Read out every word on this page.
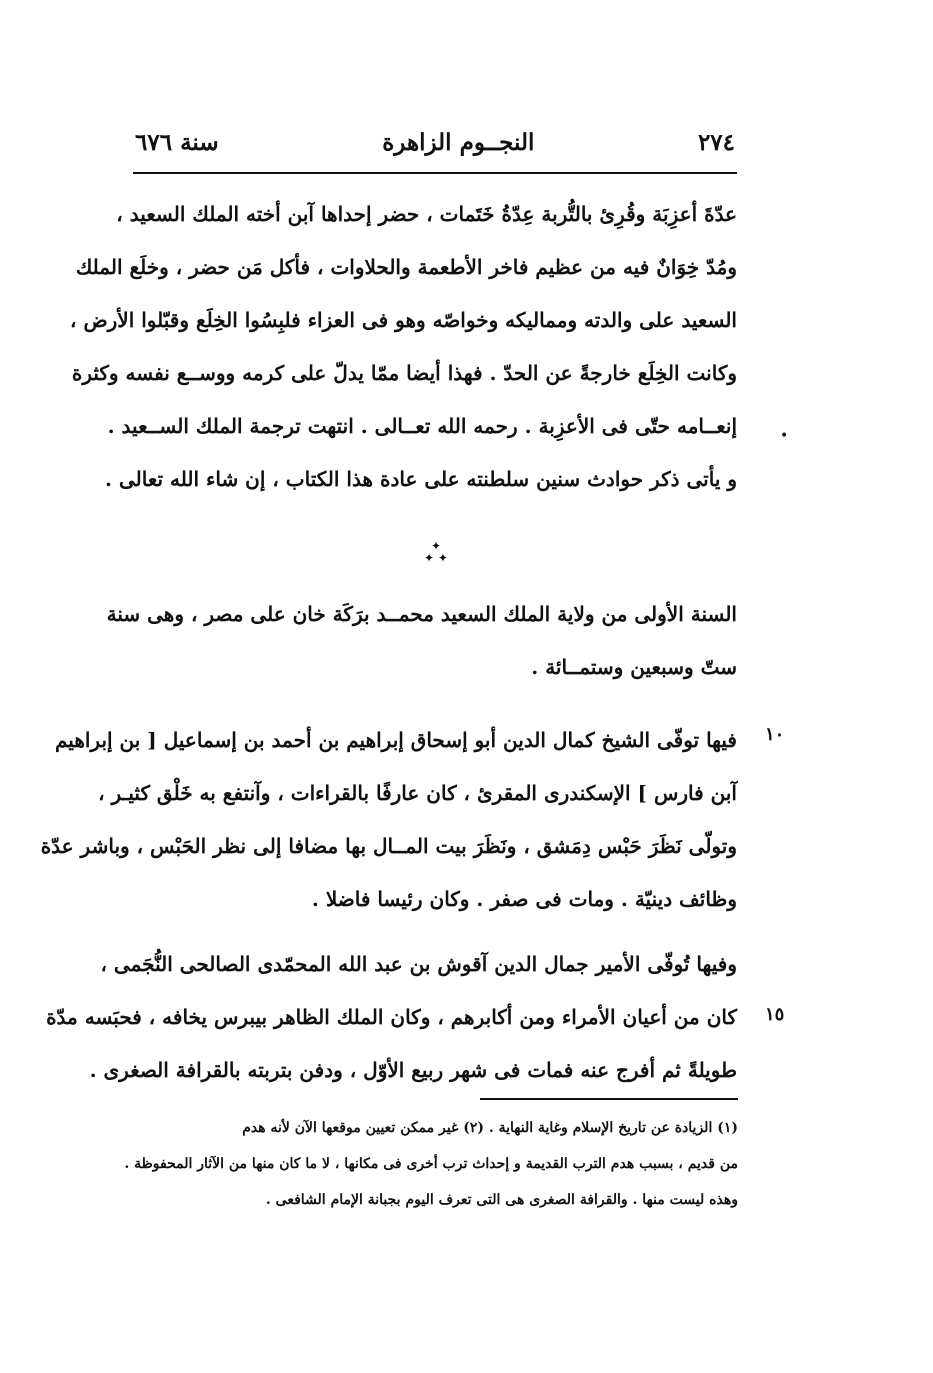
٢٧٤
النجــوم الزاهرة
سنة ٦٧٦
عدّةَ أعزِبَة وقُرِئ بالتُّربة عِدّةُ خَتَمات ، حضر إحداها آبن أخته الملك السعيد ،
ومُدّ خِوَانٌ فيه من عظيم فاخر الأطعمة والحلاوات ، فأكل مَن حضر ، وخلَع الملك
السعيد على والدته ومماليكه وخواصّه وهو فى العزاء فلبِسُوا الخِلَع وقبّلوا الأرض ،
وكانت الخِلَع خارجةً عن الحدّ . فهذا أيضا ممّا يدلّ على كرمه ووســع نفسه وكثرة
إنعــامه حتّى فى الأعزِبة . رحمه الله تعــالى . انتهت ترجمة الملك الســعيد .
و يأتى ذكر حوادث سنين سلطنته على عادة هذا الكتاب ، إن شاء الله تعالى .
•
✦
✦ ✦
السنة الأولى من ولاية الملك السعيد محمــد برَكَة خان على مصر ، وهى سنة
ستّ وسبعين وستمــائة .
١٠
فيها توفّى الشيخ كمال الدين أبو إسحاق إبراهيم بن أحمد بن إسماعيل [ بن إبراهيم
آبن فارس ] الإسكندرى المقرئ ، كان عارفًا بالقراءات ، وآنتفع به خَلْق كثيـر ،
وتولّى نَظَرَ حَبْس دِمَشق ، ونَظَرَ بيت المــال بها مضافا إلى نظر الحَبْس ، وباشر عدّة
وظائف دينيّة . ومات فى صفر . وكان رئيسا فاضلا .
١٥
وفيها تُوفّى الأمير جمال الدين آقوش بن عبد الله المحمّدى الصالحى النُّجَمى ،
كان من أعيان الأمراء ومن أكابرهم ، وكان الملك الظاهر بيبرس يخافه ، فحبَسه مدّة
طويلةً ثم أفرج عنه فمات فى شهر ربيع الأوّل ، ودفن بتربته بالقرافة الصغرى .
(١) الزيادة عن تاريخ الإسلام وغاية النهاية . (٢) غير ممكن تعيين موقعها الآن لأنه هدم
من قديم ، بسبب هدم الترب القديمة و إحداث ترب أخرى فى مكانها ، لا ما كان منها من الآثار المحفوظة .
وهذه ليست منها . والقرافة الصغرى هى التى تعرف اليوم بجبانة الإمام الشافعى .
